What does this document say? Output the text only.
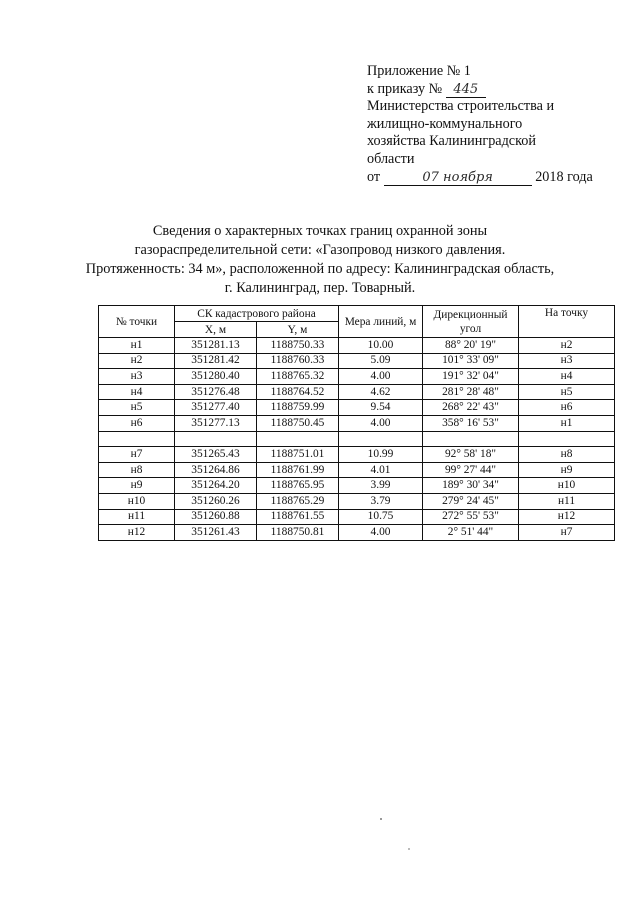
Приложение № 1
к приказу № 445
Министерства строительства и
жилищно-коммунального
хозяйства Калининградской
области
от	07 ноября	2018 года
Сведения о характерных точках границ охранной зоны
газораспределительной сети: «Газопровод низкого давления.
Протяженность: 34 м», расположенной по адресу: Калининградская область,
г. Калининград, пер. Товарный.
№ точки	СК кадастрового района		Мера линий, м	Дирекционный угол	На точку
	X, м	Y, м			
н1	351281.13	1188750.33	10.00	88° 20' 19"	н2
н2	351281.42	1188760.33	5.09	101° 33' 09"	н3
н3	351280.40	1188765.32	4.00	191° 32' 04"	н4
н4	351276.48	1188764.52	4.62	281° 28' 48"	н5
н5	351277.40	1188759.99	9.54	268° 22' 43"	н6
н6	351277.13	1188750.45	4.00	358° 16' 53"	н1

н7	351265.43	1188751.01	10.99	92° 58' 18"	н8
н8	351264.86	1188761.99	4.01	99° 27' 44"	н9
н9	351264.20	1188765.95	3.99	189° 30' 34"	н10
н10	351260.26	1188765.29	3.79	279° 24' 45"	н11
н11	351260.88	1188761.55	10.75	272° 55' 53"	н12
н12	351261.43	1188750.81	4.00	2° 51' 44"	н7
